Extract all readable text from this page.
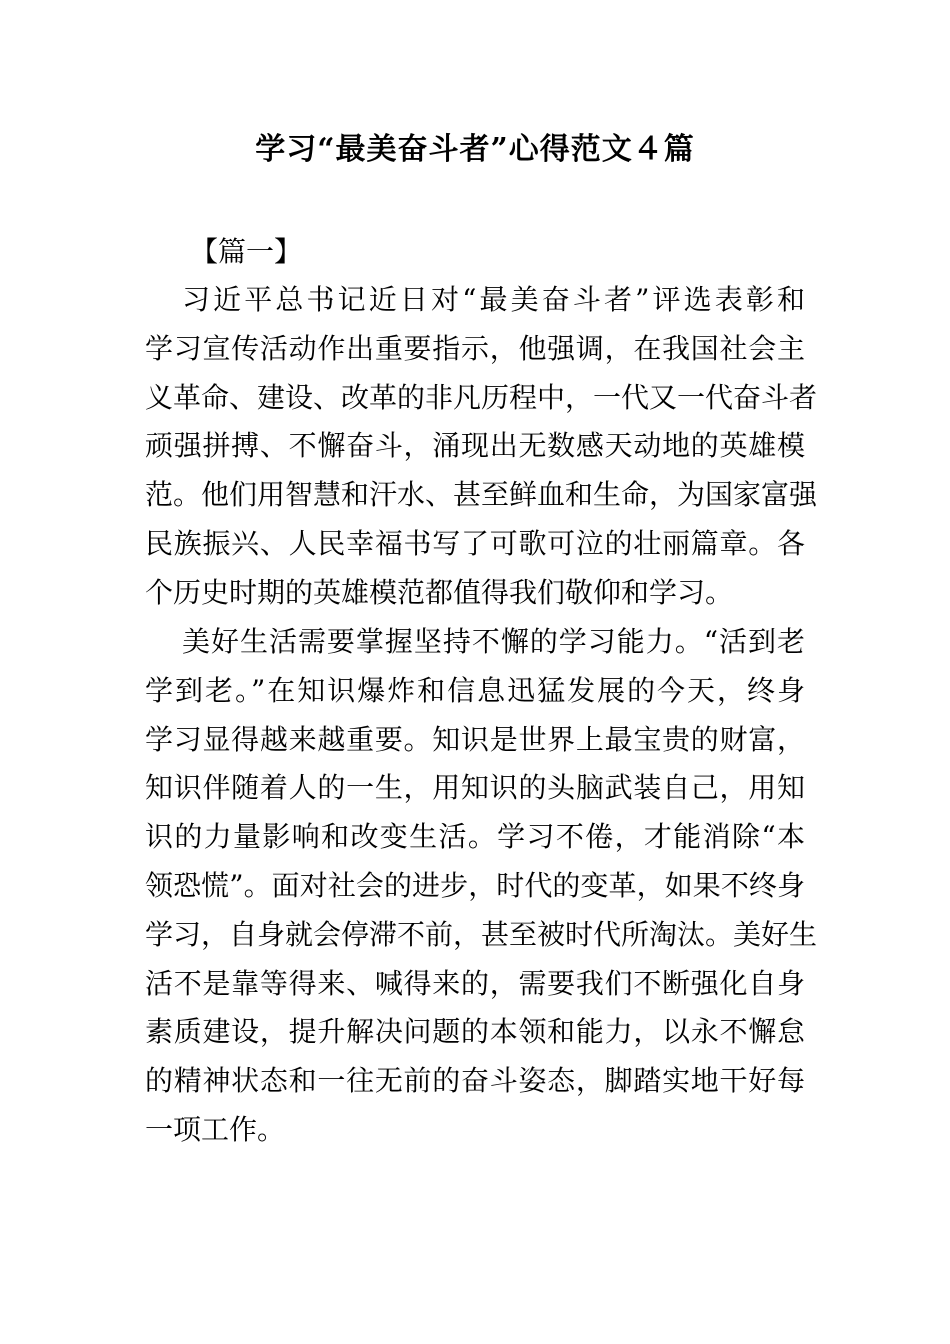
学习“最美奋斗者”心得范文４篇

【篇一】

习近平总书记近日对“最美奋斗者”评选表彰和
学习宣传活动作出重要指示，他强调，在我国社会主
义革命、建设、改革的非凡历程中，一代又一代奋斗者
顽强拼搏、不懈奋斗，涌现出无数感天动地的英雄模
范。他们用智慧和汗水、甚至鲜血和生命，为国家富强
民族振兴、人民幸福书写了可歌可泣的壮丽篇章。各
个历史时期的英雄模范都值得我们敬仰和学习。

美好生活需要掌握坚持不懈的学习能力。“活到老
学到老。”在知识爆炸和信息迅猛发展的今天，终身
学习显得越来越重要。知识是世界上最宝贵的财富，
知识伴随着人的一生，用知识的头脑武装自己，用知
识的力量影响和改变生活。学习不倦，才能消除“本
领恐慌”。面对社会的进步，时代的变革，如果不终身
学习，自身就会停滞不前，甚至被时代所淘汰。美好生
活不是靠等得来、喊得来的，需要我们不断强化自身
素质建设，提升解决问题的本领和能力，以永不懈怠
的精神状态和一往无前的奋斗姿态，脚踏实地干好每
一项工作。
